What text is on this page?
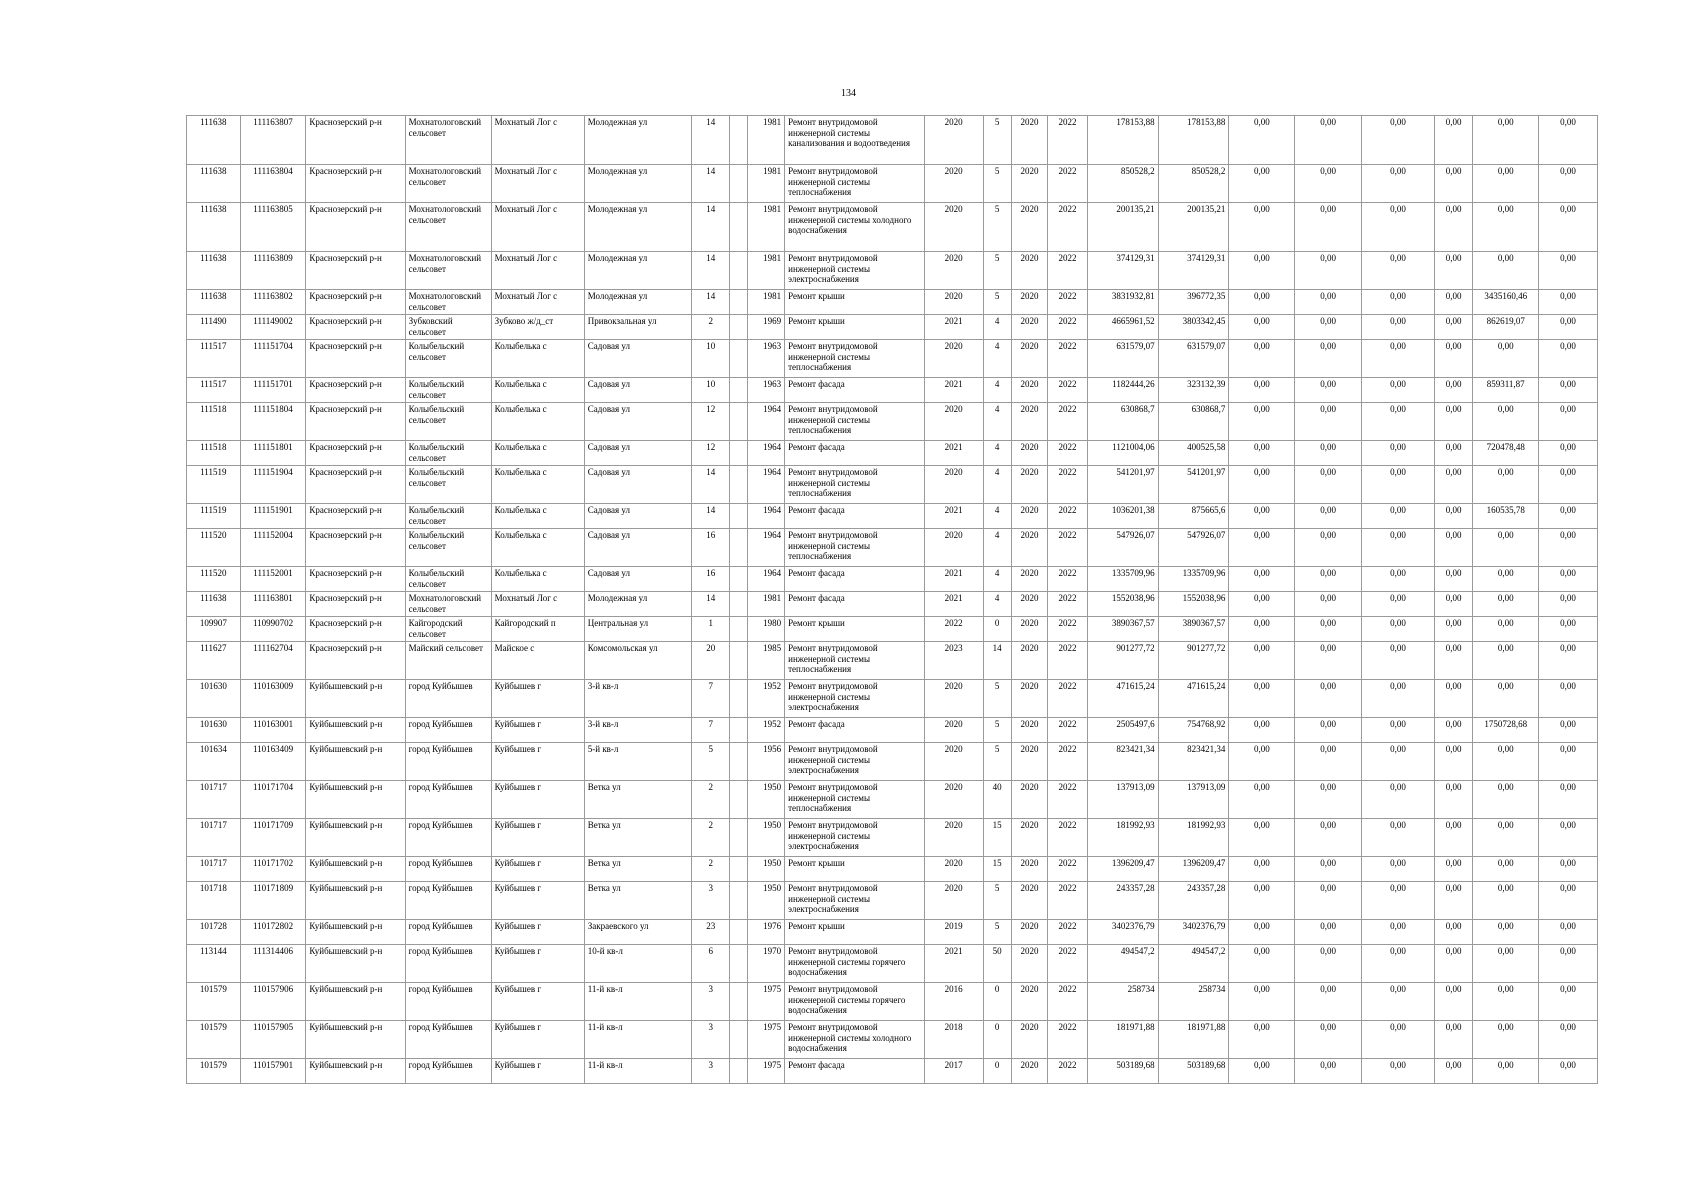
134
111638	111163807	Краснозерский р-н	Мохнатологовский сельсовет	Мохнатый Лог с	Молодежная ул	14		1981	Ремонт внутридомовой инженерной системы канализования и водоотведения	2020	5	2020	2022	178153,88	178153,88	0,00	0,00	0,00	0,00	0,00	0,00
111638	111163804	Краснозерский р-н	Мохнатологовский сельсовет	Мохнатый Лог с	Молодежная ул	14		1981	Ремонт внутридомовой инженерной системы теплоснабжения	2020	5	2020	2022	850528,2	850528,2	0,00	0,00	0,00	0,00	0,00	0,00
111638	111163805	Краснозерский р-н	Мохнатологовский сельсовет	Мохнатый Лог с	Молодежная ул	14		1981	Ремонт внутридомовой инженерной системы холодного водоснабжения	2020	5	2020	2022	200135,21	200135,21	0,00	0,00	0,00	0,00	0,00	0,00
111638	111163809	Краснозерский р-н	Мохнатологовский сельсовет	Мохнатый Лог с	Молодежная ул	14		1981	Ремонт внутридомовой инженерной системы электроснабжения	2020	5	2020	2022	374129,31	374129,31	0,00	0,00	0,00	0,00	0,00	0,00
111638	111163802	Краснозерский р-н	Мохнатологовский сельсовет	Мохнатый Лог с	Молодежная ул	14		1981	Ремонт крыши	2020	5	2020	2022	3831932,81	396772,35	0,00	0,00	0,00	0,00	3435160,46	0,00
111490	111149002	Краснозерский р-н	Зубковский сельсовет	Зубково ж/д_ст	Привокзальная ул	2		1969	Ремонт крыши	2021	4	2020	2022	4665961,52	3803342,45	0,00	0,00	0,00	0,00	862619,07	0,00
111517	111151704	Краснозерский р-н	Колыбельский сельсовет	Колыбелька с	Садовая ул	10		1963	Ремонт внутридомовой инженерной системы теплоснабжения	2020	4	2020	2022	631579,07	631579,07	0,00	0,00	0,00	0,00	0,00	0,00
111517	111151701	Краснозерский р-н	Колыбельский сельсовет	Колыбелька с	Садовая ул	10		1963	Ремонт фасада	2021	4	2020	2022	1182444,26	323132,39	0,00	0,00	0,00	0,00	859311,87	0,00
111518	111151804	Краснозерский р-н	Колыбельский сельсовет	Колыбелька с	Садовая ул	12		1964	Ремонт внутридомовой инженерной системы теплоснабжения	2020	4	2020	2022	630868,7	630868,7	0,00	0,00	0,00	0,00	0,00	0,00
111518	111151801	Краснозерский р-н	Колыбельский сельсовет	Колыбелька с	Садовая ул	12		1964	Ремонт фасада	2021	4	2020	2022	1121004,06	400525,58	0,00	0,00	0,00	0,00	720478,48	0,00
111519	111151904	Краснозерский р-н	Колыбельский сельсовет	Колыбелька с	Садовая ул	14		1964	Ремонт внутридомовой инженерной системы теплоснабжения	2020	4	2020	2022	541201,97	541201,97	0,00	0,00	0,00	0,00	0,00	0,00
111519	111151901	Краснозерский р-н	Колыбельский сельсовет	Колыбелька с	Садовая ул	14		1964	Ремонт фасада	2021	4	2020	2022	1036201,38	875665,6	0,00	0,00	0,00	0,00	160535,78	0,00
111520	111152004	Краснозерский р-н	Колыбельский сельсовет	Колыбелька с	Садовая ул	16		1964	Ремонт внутридомовой инженерной системы теплоснабжения	2020	4	2020	2022	547926,07	547926,07	0,00	0,00	0,00	0,00	0,00	0,00
111520	111152001	Краснозерский р-н	Колыбельский сельсовет	Колыбелька с	Садовая ул	16		1964	Ремонт фасада	2021	4	2020	2022	1335709,96	1335709,96	0,00	0,00	0,00	0,00	0,00	0,00
111638	111163801	Краснозерский р-н	Мохнатологовский сельсовет	Мохнатый Лог с	Молодежная ул	14		1981	Ремонт фасада	2021	4	2020	2022	1552038,96	1552038,96	0,00	0,00	0,00	0,00	0,00	0,00
109907	110990702	Краснозерский р-н	Кайгородский сельсовет	Кайгородский п	Центральная ул	1		1980	Ремонт крыши	2022	0	2020	2022	3890367,57	3890367,57	0,00	0,00	0,00	0,00	0,00	0,00
111627	111162704	Краснозерский р-н	Майский сельсовет	Майское с	Комсомольская ул	20		1985	Ремонт внутридомовой инженерной системы теплоснабжения	2023	14	2020	2022	901277,72	901277,72	0,00	0,00	0,00	0,00	0,00	0,00
101630	110163009	Куйбышевский р-н	город Куйбышев	Куйбышев г	3-й кв-л	7		1952	Ремонт внутридомовой инженерной системы электроснабжения	2020	5	2020	2022	471615,24	471615,24	0,00	0,00	0,00	0,00	0,00	0,00
101630	110163001	Куйбышевский р-н	город Куйбышев	Куйбышев г	3-й кв-л	7		1952	Ремонт фасада	2020	5	2020	2022	2505497,6	754768,92	0,00	0,00	0,00	0,00	1750728,68	0,00
101634	110163409	Куйбышевский р-н	город Куйбышев	Куйбышев г	5-й кв-л	5		1956	Ремонт внутридомовой инженерной системы электроснабжения	2020	5	2020	2022	823421,34	823421,34	0,00	0,00	0,00	0,00	0,00	0,00
101717	110171704	Куйбышевский р-н	город Куйбышев	Куйбышев г	Ветка ул	2		1950	Ремонт внутридомовой инженерной системы теплоснабжения	2020	40	2020	2022	137913,09	137913,09	0,00	0,00	0,00	0,00	0,00	0,00
101717	110171709	Куйбышевский р-н	город Куйбышев	Куйбышев г	Ветка ул	2		1950	Ремонт внутридомовой инженерной системы электроснабжения	2020	15	2020	2022	181992,93	181992,93	0,00	0,00	0,00	0,00	0,00	0,00
101717	110171702	Куйбышевский р-н	город Куйбышев	Куйбышев г	Ветка ул	2		1950	Ремонт крыши	2020	15	2020	2022	1396209,47	1396209,47	0,00	0,00	0,00	0,00	0,00	0,00
101718	110171809	Куйбышевский р-н	город Куйбышев	Куйбышев г	Ветка ул	3		1950	Ремонт внутридомовой инженерной системы электроснабжения	2020	5	2020	2022	243357,28	243357,28	0,00	0,00	0,00	0,00	0,00	0,00
101728	110172802	Куйбышевский р-н	город Куйбышев	Куйбышев г	Закраевского ул	23		1976	Ремонт крыши	2019	5	2020	2022	3402376,79	3402376,79	0,00	0,00	0,00	0,00	0,00	0,00
113144	111314406	Куйбышевский р-н	город Куйбышев	Куйбышев г	10-й кв-л	6		1970	Ремонт внутридомовой инженерной системы горячего водоснабжения	2021	50	2020	2022	494547,2	494547,2	0,00	0,00	0,00	0,00	0,00	0,00
101579	110157906	Куйбышевский р-н	город Куйбышев	Куйбышев г	11-й кв-л	3		1975	Ремонт внутридомовой инженерной системы горячего водоснабжения	2016	0	2020	2022	258734	258734	0,00	0,00	0,00	0,00	0,00	0,00
101579	110157905	Куйбышевский р-н	город Куйбышев	Куйбышев г	11-й кв-л	3		1975	Ремонт внутридомовой инженерной системы холодного водоснабжения	2018	0	2020	2022	181971,88	181971,88	0,00	0,00	0,00	0,00	0,00	0,00
101579	110157901	Куйбышевский р-н	город Куйбышев	Куйбышев г	11-й кв-л	3		1975	Ремонт фасада	2017	0	2020	2022	503189,68	503189,68	0,00	0,00	0,00	0,00	0,00	0,00
